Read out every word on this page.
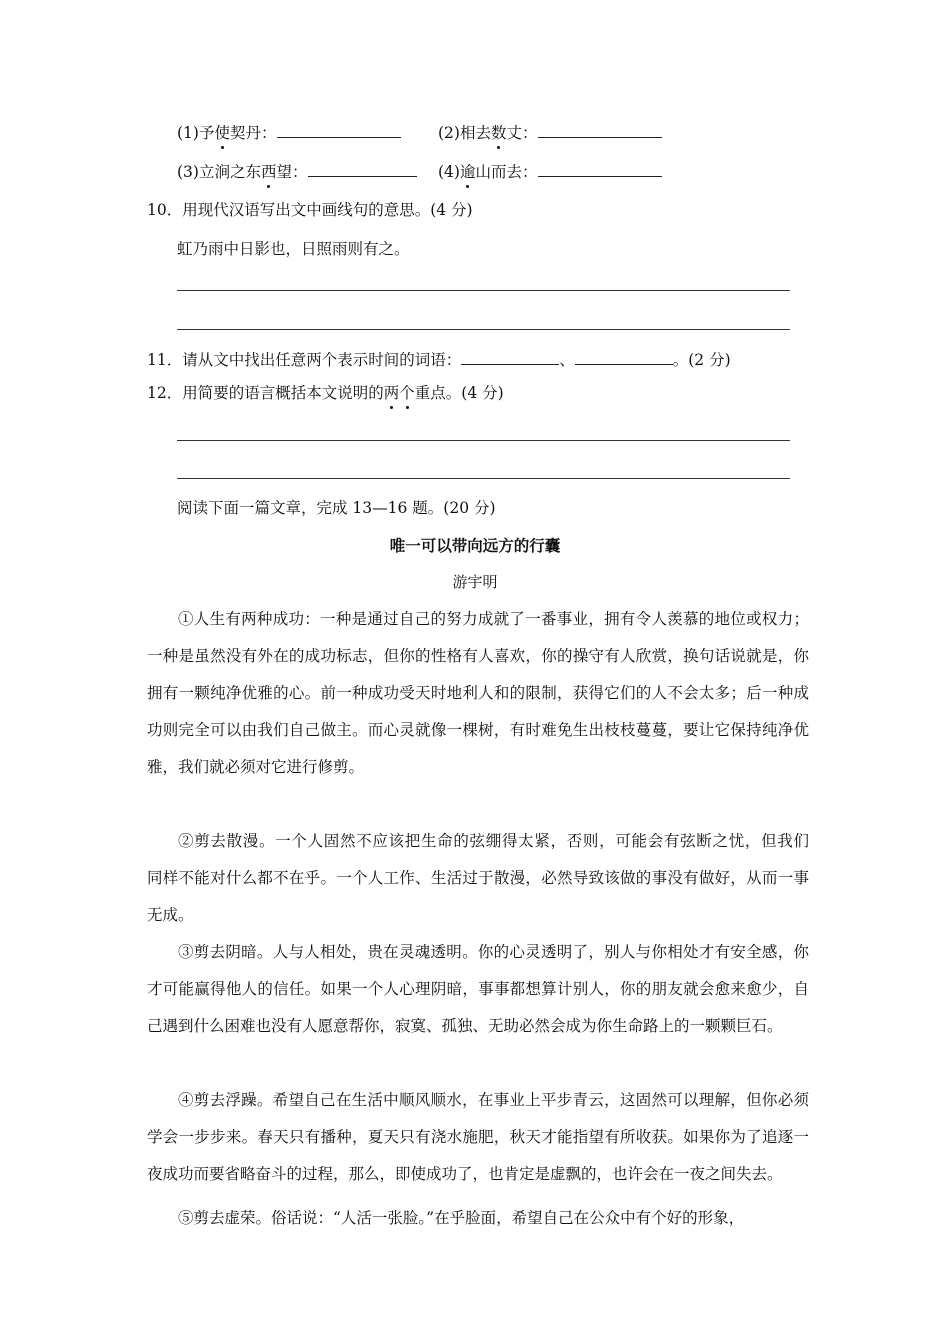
(1)予使契丹：	(2)相去数丈：
(3)立涧之东西望：	(4)逾山而去：
10．用现代汉语写出文中画线句的意思。(4 分)
虹乃雨中日影也，日照雨则有之。
11．请从文中找出任意两个表示时间的词语：	、	。(2 分)
12．用简要的语言概括本文说明的两个重点。(4 分)
阅读下面一篇文章，完成 13—16 题。(20 分)
唯一可以带向远方的行囊
游宇明
①人生有两种成功：一种是通过自己的努力成就了一番事业，拥有令人羡慕的地位或权力；一种是虽然没有外在的成功标志，但你的性格有人喜欢，你的操守有人欣赏，换句话说就是，你拥有一颗纯净优雅的心。前一种成功受天时地利人和的限制，获得它们的人不会太多；后一种成功则完全可以由我们自己做主。而心灵就像一棵树，有时难免生出枝枝蔓蔓，要让它保持纯净优雅，我们就必须对它进行修剪。
②剪去散漫。一个人固然不应该把生命的弦绷得太紧，否则，可能会有弦断之忧，但我们　同样不能对什么都不在乎。一个人工作、生活过于散漫，必然导致该做的事没有做好，从而一事无成。
③剪去阴暗。人与人相处，贵在灵魂透明。你的心灵透明了，别人与你相处才有安全感，你才可能赢得他人的信任。如果一个人心理阴暗，事事都想算计别人，你的朋友就会愈来愈少，自己遇到什么困难也没有人愿意帮你，寂寞、孤独、无助必然会成为你生命路上的一颗颗巨石。
④剪去浮躁。希望自己在生活中顺风顺水，在事业上平步青云，这固然可以理解，但你必须学会一步步来。春天只有播种，夏天只有浇水施肥，秋天才能指望有所收获。如果你为了追逐一夜成功而要省略奋斗的过程，那么，即使成功了，也肯定是虚飘的，也许会在一夜之间失去。
⑤剪去虚荣。俗话说：“人活一张脸。”在乎脸面，希望自己在公众中有个好的形象，
